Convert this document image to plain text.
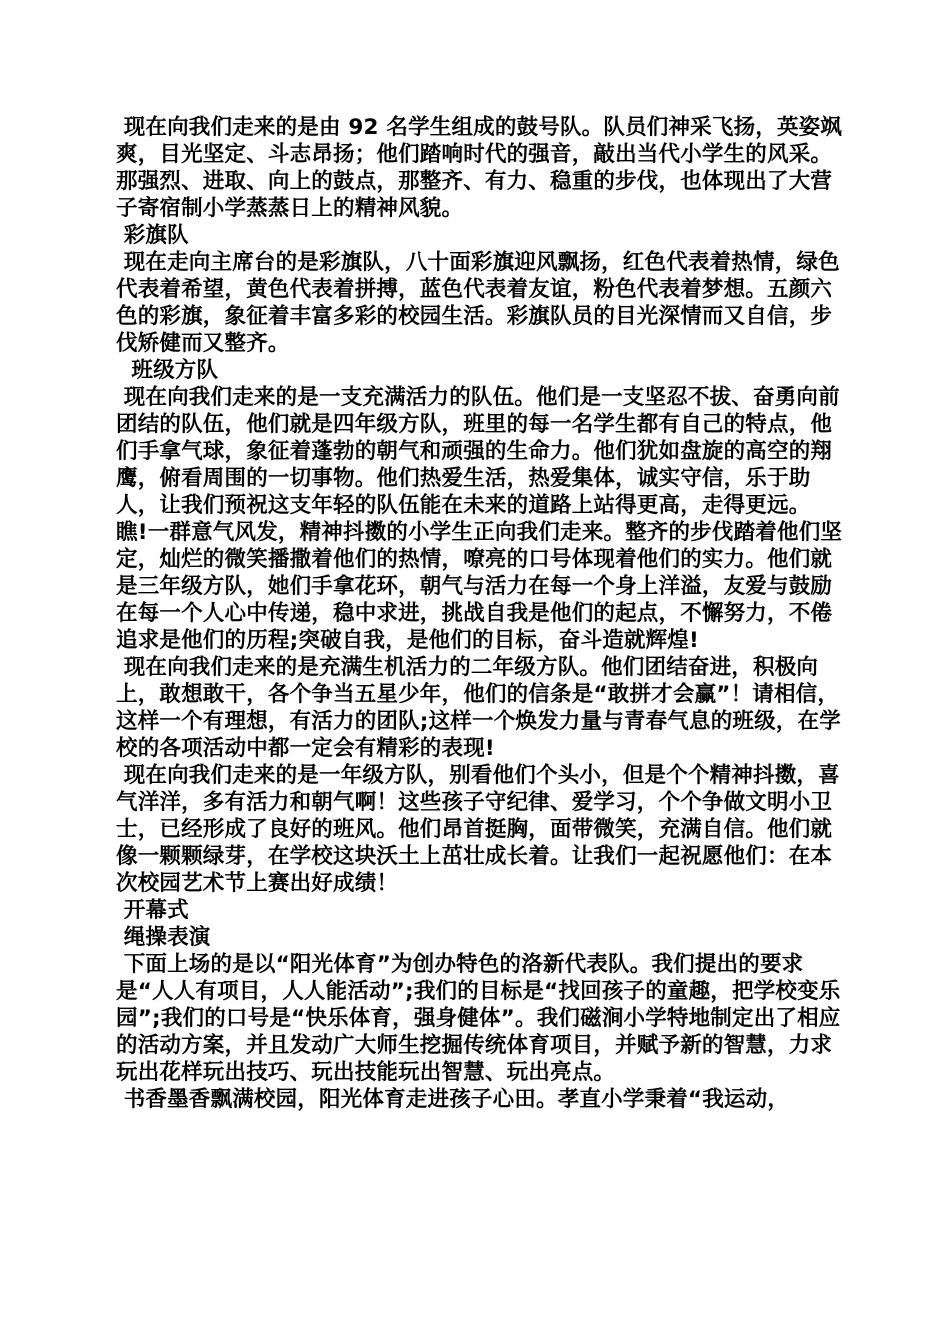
现在向我们走来的是由 92 名学生组成的鼓号队。队员们神采飞扬，英姿飒爽，目光坚定、斗志昂扬；他们踏响时代的强音，敲出当代小学生的风采。那强烈、进取、向上的鼓点，那整齐、有力、稳重的步伐，也体现出了大营子寄宿制小学蒸蒸日上的精神风貌。

彩旗队

现在走向主席台的是彩旗队，八十面彩旗迎风飘扬，红色代表着热情，绿色代表着希望，黄色代表着拼搏，蓝色代表着友谊，粉色代表着梦想。五颜六色的彩旗，象征着丰富多彩的校园生活。彩旗队员的目光深情而又自信，步伐矫健而又整齐。

班级方队

现在向我们走来的是一支充满活力的队伍。他们是一支坚忍不拔、奋勇向前团结的队伍，他们就是四年级方队，班里的每一名学生都有自己的特点，他们手拿气球，象征着蓬勃的朝气和顽强的生命力。他们犹如盘旋的高空的翔鹰，俯看周围的一切事物。他们热爱生活，热爱集体，诚实守信，乐于助人，让我们预祝这支年轻的队伍能在未来的道路上站得更高，走得更远。

瞧!一群意气风发，精神抖擞的小学生正向我们走来。整齐的步伐踏着他们坚定，灿烂的微笑播撒着他们的热情，嘹亮的口号体现着他们的实力。他们就是三年级方队，她们手拿花环，朝气与活力在每一个身上洋溢，友爱与鼓励在每一个人心中传递，稳中求进，挑战自我是他们的起点，不懈努力，不倦追求是他们的历程;突破自我，是他们的目标，奋斗造就辉煌!

现在向我们走来的是充满生机活力的二年级方队。他们团结奋进，积极向上，敢想敢干，各个争当五星少年，他们的信条是“敢拼才会赢”！请相信，这样一个有理想，有活力的团队;这样一个焕发力量与青春气息的班级，在学校的各项活动中都一定会有精彩的表现!

现在向我们走来的是一年级方队，别看他们个头小，但是个个精神抖擞，喜气洋洋，多有活力和朝气啊！这些孩子守纪律、爱学习，个个争做文明小卫士，已经形成了良好的班风。他们昂首挺胸，面带微笑，充满自信。他们就像一颗颗绿芽，在学校这块沃土上茁壮成长着。让我们一起祝愿他们：在本次校园艺术节上赛出好成绩！

开幕式

绳操表演

下面上场的是以“阳光体育”为创办特色的洛新代表队。我们提出的要求是“人人有项目，人人能活动”;我们的目标是“找回孩子的童趣，把学校变乐园”;我们的口号是“快乐体育，强身健体”。我们磁涧小学特地制定出了相应的活动方案，并且发动广大师生挖掘传统体育项目，并赋予新的智慧，力求玩出花样玩出技巧、玩出技能玩出智慧、玩出亮点。

书香墨香飘满校园，阳光体育走进孩子心田。孝直小学秉着“我运动，
